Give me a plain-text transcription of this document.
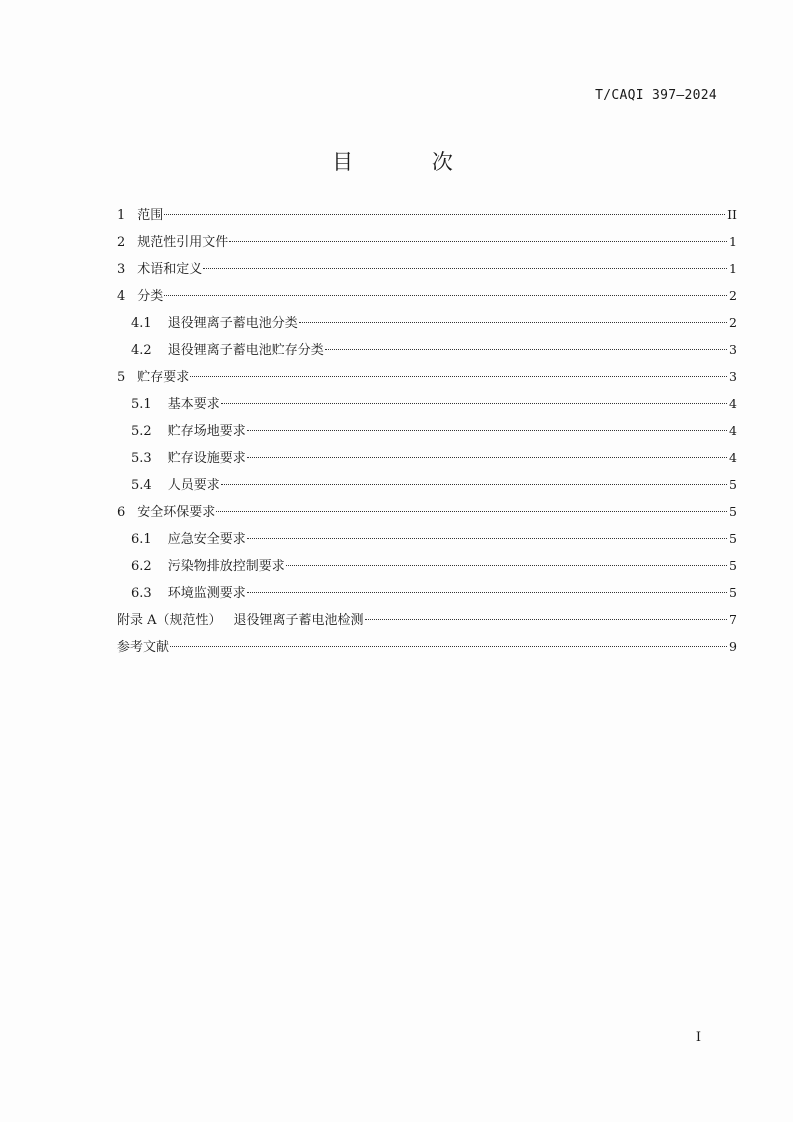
T/CAQI 397—2024
目 次
1 范围	II
2 规范性引用文件	1
3 术语和定义	1
4 分类	2
4.1 退役锂离子蓄电池分类	2
4.2 退役锂离子蓄电池贮存分类	3
5 贮存要求	3
5.1 基本要求	4
5.2 贮存场地要求	4
5.3 贮存设施要求	4
5.4 人员要求	5
6 安全环保要求	5
6.1 应急安全要求	5
6.2 污染物排放控制要求	5
6.3 环境监测要求	5
附录 A（规范性） 退役锂离子蓄电池检测	7
参考文献	9
I
